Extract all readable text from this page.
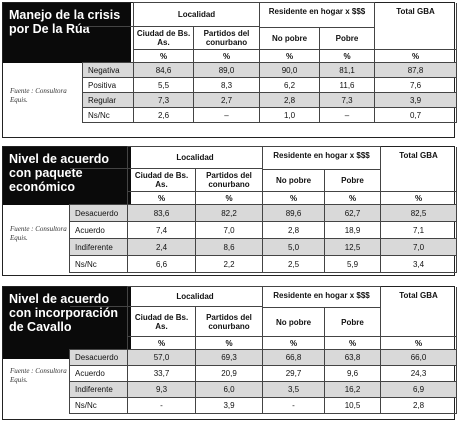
Manejo de la crisis por De la Rúa
Fuente : Consultora Equis.
	Localidad		Residente en hogar x $$$		Total GBA
	Ciudad de Bs. As.	Partidos del conurbano			
			No pobre	Pobre	
	%	%	%	%	%
Negativa	84,6	89,0	90,0	81,1	87,8
Positiva	5,5	8,3	6,2	11,6	7,6
Regular	7,3	2,7	2,8	7,3	3,9
Ns/Nc	2,6	–	1,0	–	0,7
Nivel de acuerdo con paquete económico
Fuente : Consultora Equis.
	Localidad		Residente en hogar x $$$		Total GBA
	Ciudad de Bs. As.	Partidos del conurbano			
			No pobre	Pobre	
	%	%	%	%	%
Desacuerdo	83,6	82,2	89,6	62,7	82,5
Acuerdo	7,4	7,0	2,8	18,9	7,1
Indiferente	2,4	8,6	5,0	12,5	7,0
Ns/Nc	6,6	2,2	2,5	5,9	3,4
Nivel de acuerdo con incorporación de Cavallo
Fuente : Consultora Equis.
	Localidad		Residente en hogar x $$$		Total GBA
	Ciudad de Bs. As.	Partidos del conurbano			
			No pobre	Pobre	
	%	%	%	%	%
Desacuerdo	57,0	69,3	66,8	63,8	66,0
Acuerdo	33,7	20,9	29,7	9,6	24,3
Indiferente	9,3	6,0	3,5	16,2	6,9
Ns/Nc	-	3,9	-	10,5	2,8
